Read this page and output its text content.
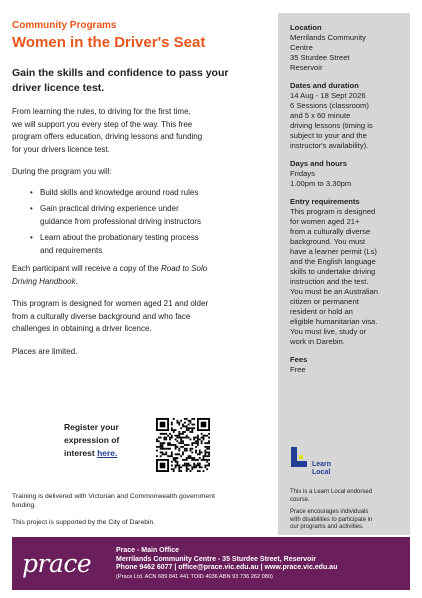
Community Programs
Women in the Driver's Seat
Gain the skills and confidence to pass your
driver licence test.
From learning the rules, to driving for the first time,
we will support you every step of the way. This free
program offers education, driving lessons and funding
for your drivers licence test.
During the program you will:
• Build skills and knowledge around road rules
• Gain practical driving experience under
guidance from professional driving instructors
• Learn about the probationary testing process
and requirements
Each participant will receive a copy of the Road to Solo
Driving Handbook.
This program is designed for women aged 21 and older
from a culturally diverse background and who face
challenges in obtaining a driver licence.
Places are limited.
Register your
expression of
interest here.
Training is delivered with Victorian and Commonwealth government
funding.
This project is supported by the City of Darebin.
Location
Merrilands Community
Centre
35 Sturdee Street
Reservoir
Dates and duration
14 Aug - 18 Sept 2026
6 Sessions (classroom)
and 5 x 60 minute
driving lessons (timing is
subject to your and the
instructor's availability).
Days and hours
Fridays
1.00pm to 3.30pm
Entry requirements
This program is designed
for women aged 21+
from a culturally diverse
background. You must
have a learner permit (Ls)
and the English language
skills to undertake driving
instruction and the test.
You must be an Australian
citizen or permanent
resident or hold an
eligible humanitarian visa.
You must live, study or
work in Darebin.
Fees
Free
Learn
Local
This is a Learn Local endorsed
course.
Prace encourages individuals
with disabilities to participate in
our programs and activities.
prace	Prace - Main Office
Merrilands Community Centre - 35 Sturdee Street, Reservoir
Phone 9462 6077 | office@prace.vic.edu.au | www.prace.vic.edu.au
(Prace Ltd. ACN 689 841 441 TOID 4036 ABN 93 736 262 080)
